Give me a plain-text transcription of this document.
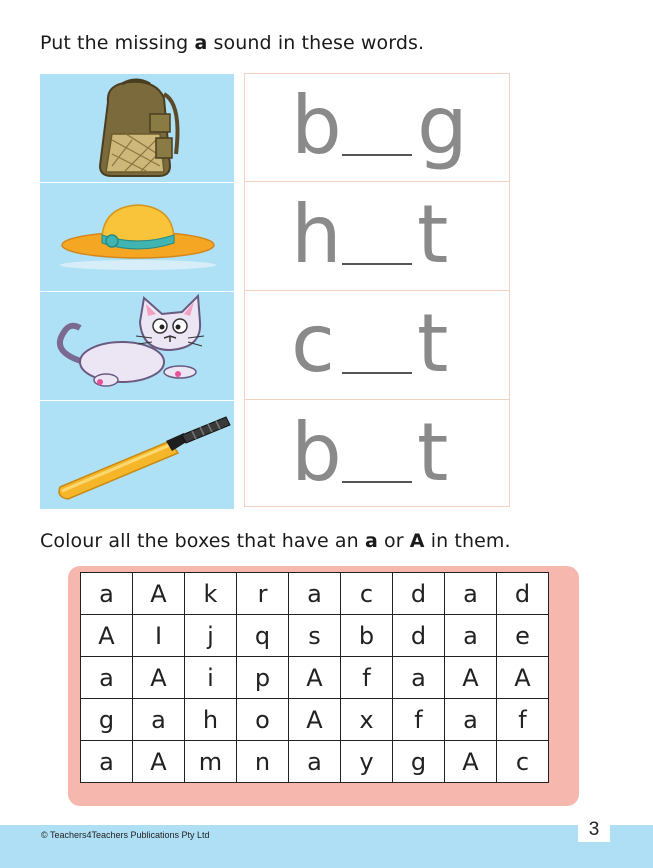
Put the missing a sound in these words.
b g
h t
c t
b t
Colour all the boxes that have an a or A in them.
a	A	k	r	a	c	d	a	d
A	I	j	q	s	b	d	a	e
a	A	i	p	A	f	a	A	A
g	a	h	o	A	x	f	a	f
a	A	m	n	a	y	g	A	c
© Teachers4Teachers Publications Pty Ltd	3
